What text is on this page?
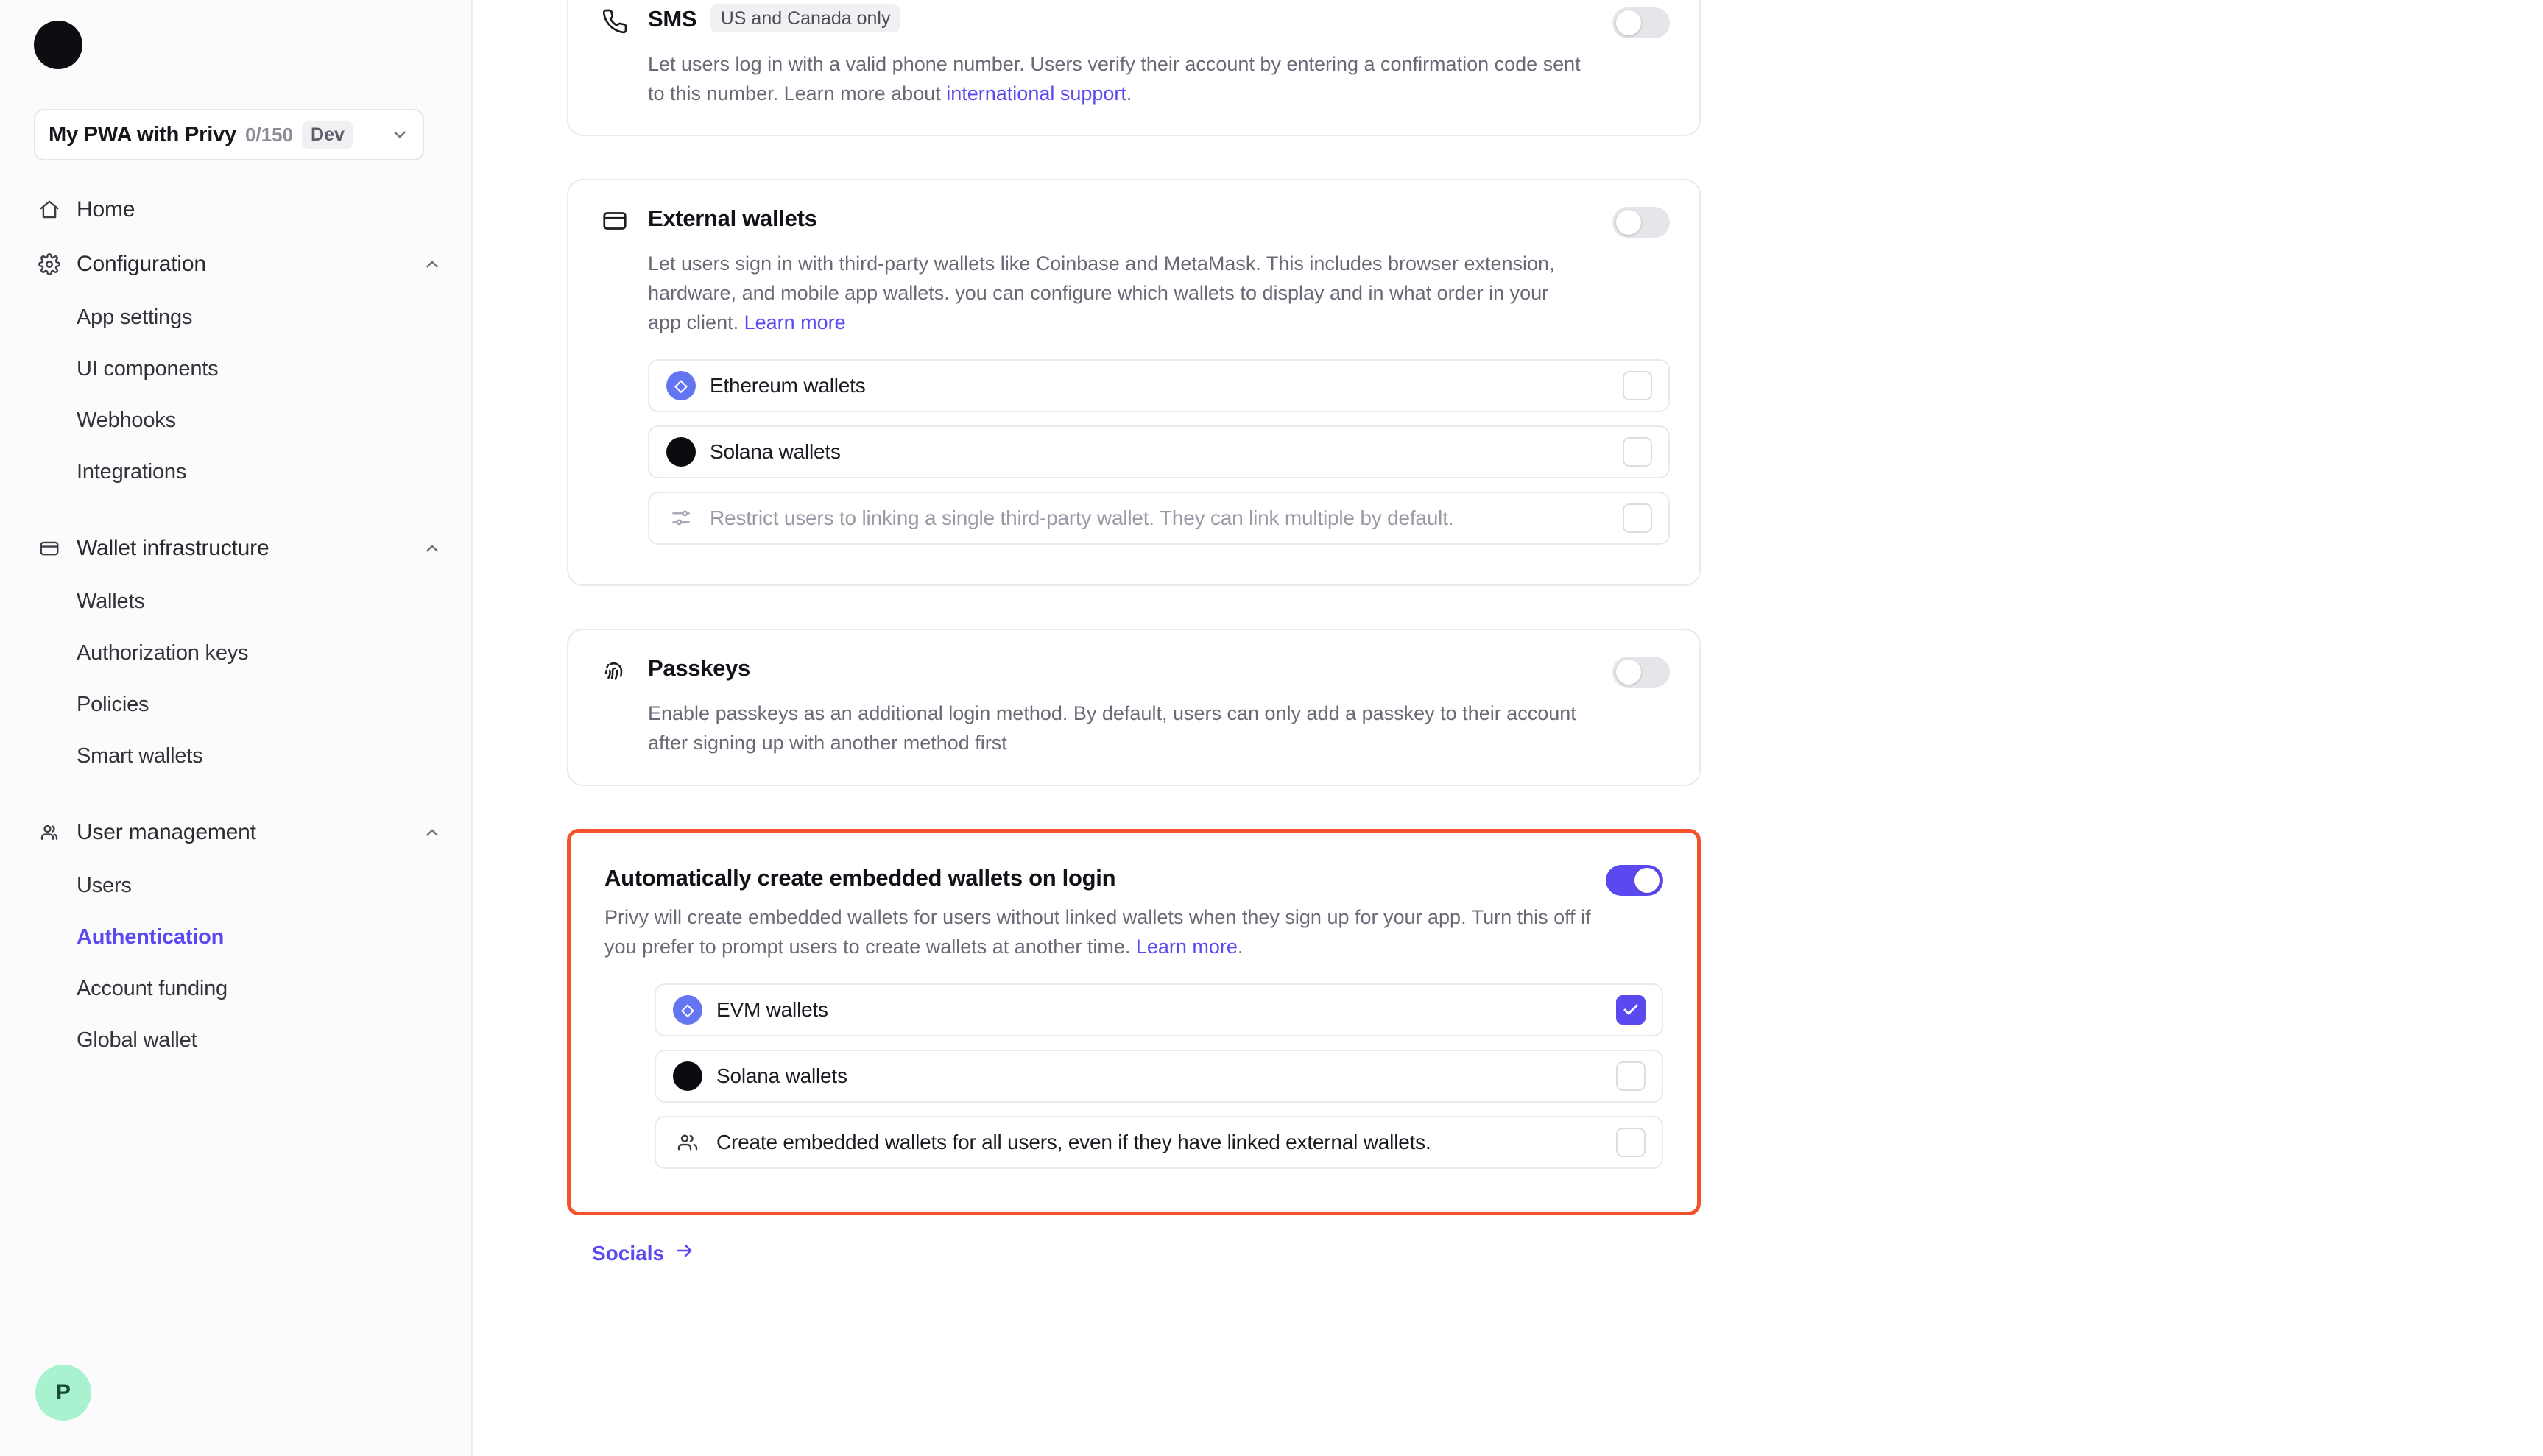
My PWA with Privy 0/150 Dev
Home
Configuration
App settings
UI components
Webhooks
Integrations
Wallet infrastructure
Wallets
Authorization keys
Policies
Smart wallets
User management
Users
Authentication
Account funding
Global wallet
P
SMS US and Canada only
Let users log in with a valid phone number. Users verify their account by entering a confirmation code sent to this number. Learn more about international support.
External wallets
Let users sign in with third-party wallets like Coinbase and MetaMask. This includes browser extension, hardware, and mobile app wallets. you can configure which wallets to display and in what order in your app client. Learn more
◇	Ethereum wallets
Solana wallets
Restrict users to linking a single third-party wallet. They can link multiple by default.
Passkeys
Enable passkeys as an additional login method. By default, users can only add a passkey to their account after signing up with another method first
Automatically create embedded wallets on login
Privy will create embedded wallets for users without linked wallets when they sign up for your app. Turn this off if you prefer to prompt users to create wallets at another time. Learn more.
◇	EVM wallets
Solana wallets
Create embedded wallets for all users, even if they have linked external wallets.
Socials
